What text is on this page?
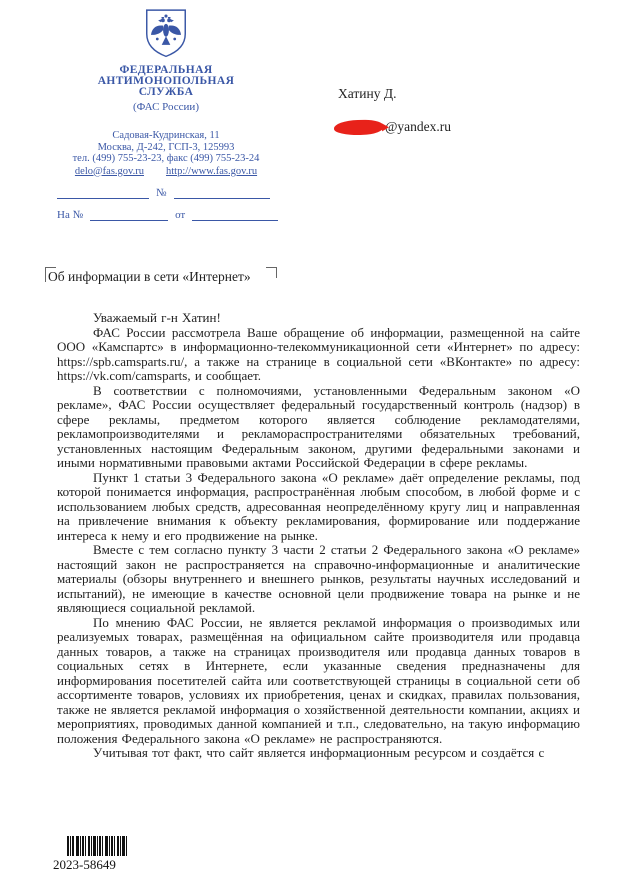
ФЕДЕРАЛЬНАЯ
АНТИМОНОПОЛЬНАЯ
СЛУЖБА
(ФАС России)
Садовая-Кудринская, 11
Москва, Д-242, ГСП-3, 125993
тел. (499) 755-23-23, факс (499) 755-23-24
delo@fas.gov.ru http://www.fas.gov.ru
№
На №	от
Хатину Д.
@yandex.ru
Об информации в сети «Интернет»

Уважаемый г-н Хатин!

ФАС России рассмотрела Ваше обращение об информации, размещенной на сайте ООО «Камспартс» в информационно-телекоммуникационной сети «Интернет» по адресу: https://spb.camsparts.ru/, а также на странице в социальной сети «ВКонтакте» по адресу: https://vk.com/camsparts, и сообщает.

В соответствии с полномочиями, установленными Федеральным законом «О рекламе», ФАС России осуществляет федеральный государственный контроль (надзор) в сфере рекламы, предметом которого является соблюдение рекламодателями, рекламопроизводителями и рекламораспространителями обязательных требований, установленных настоящим Федеральным законом, другими федеральными законами и иными нормативными правовыми актами Российской Федерации в сфере рекламы.

Пункт 1 статьи 3 Федерального закона «О рекламе» даёт определение рекламы, под которой понимается информация, распространённая любым способом, в любой форме и с использованием любых средств, адресованная неопределённому кругу лиц и направленная на привлечение внимания к объекту рекламирования, формирование или поддержание интереса к нему и его продвижение на рынке.

Вместе с тем согласно пункту 3 части 2 статьи 2 Федерального закона «О рекламе» настоящий закон не распространяется на справочно-информационные и аналитические материалы (обзоры внутреннего и внешнего рынков, результаты научных исследований и испытаний), не имеющие в качестве основной цели продвижение товара на рынке и не являющиеся социальной рекламой.

По мнению ФАС России, не является рекламой информация о производимых или реализуемых товарах, размещённая на официальном сайте производителя или продавца данных товаров, а также на страницах производителя или продавца данных товаров в социальных сетях в Интернете, если указанные сведения предназначены для информирования посетителей сайта или соответствующей страницы в социальной сети об ассортименте товаров, условиях их приобретения, ценах и скидках, правилах пользования, также не является рекламой информация о хозяйственной деятельности компании, акциях и мероприятиях, проводимых данной компанией и т.п., следовательно, на такую информацию положения Федерального закона «О рекламе» не распространяются.

Учитывая тот факт, что сайт является информационным ресурсом и создаётся с

2023-58649
